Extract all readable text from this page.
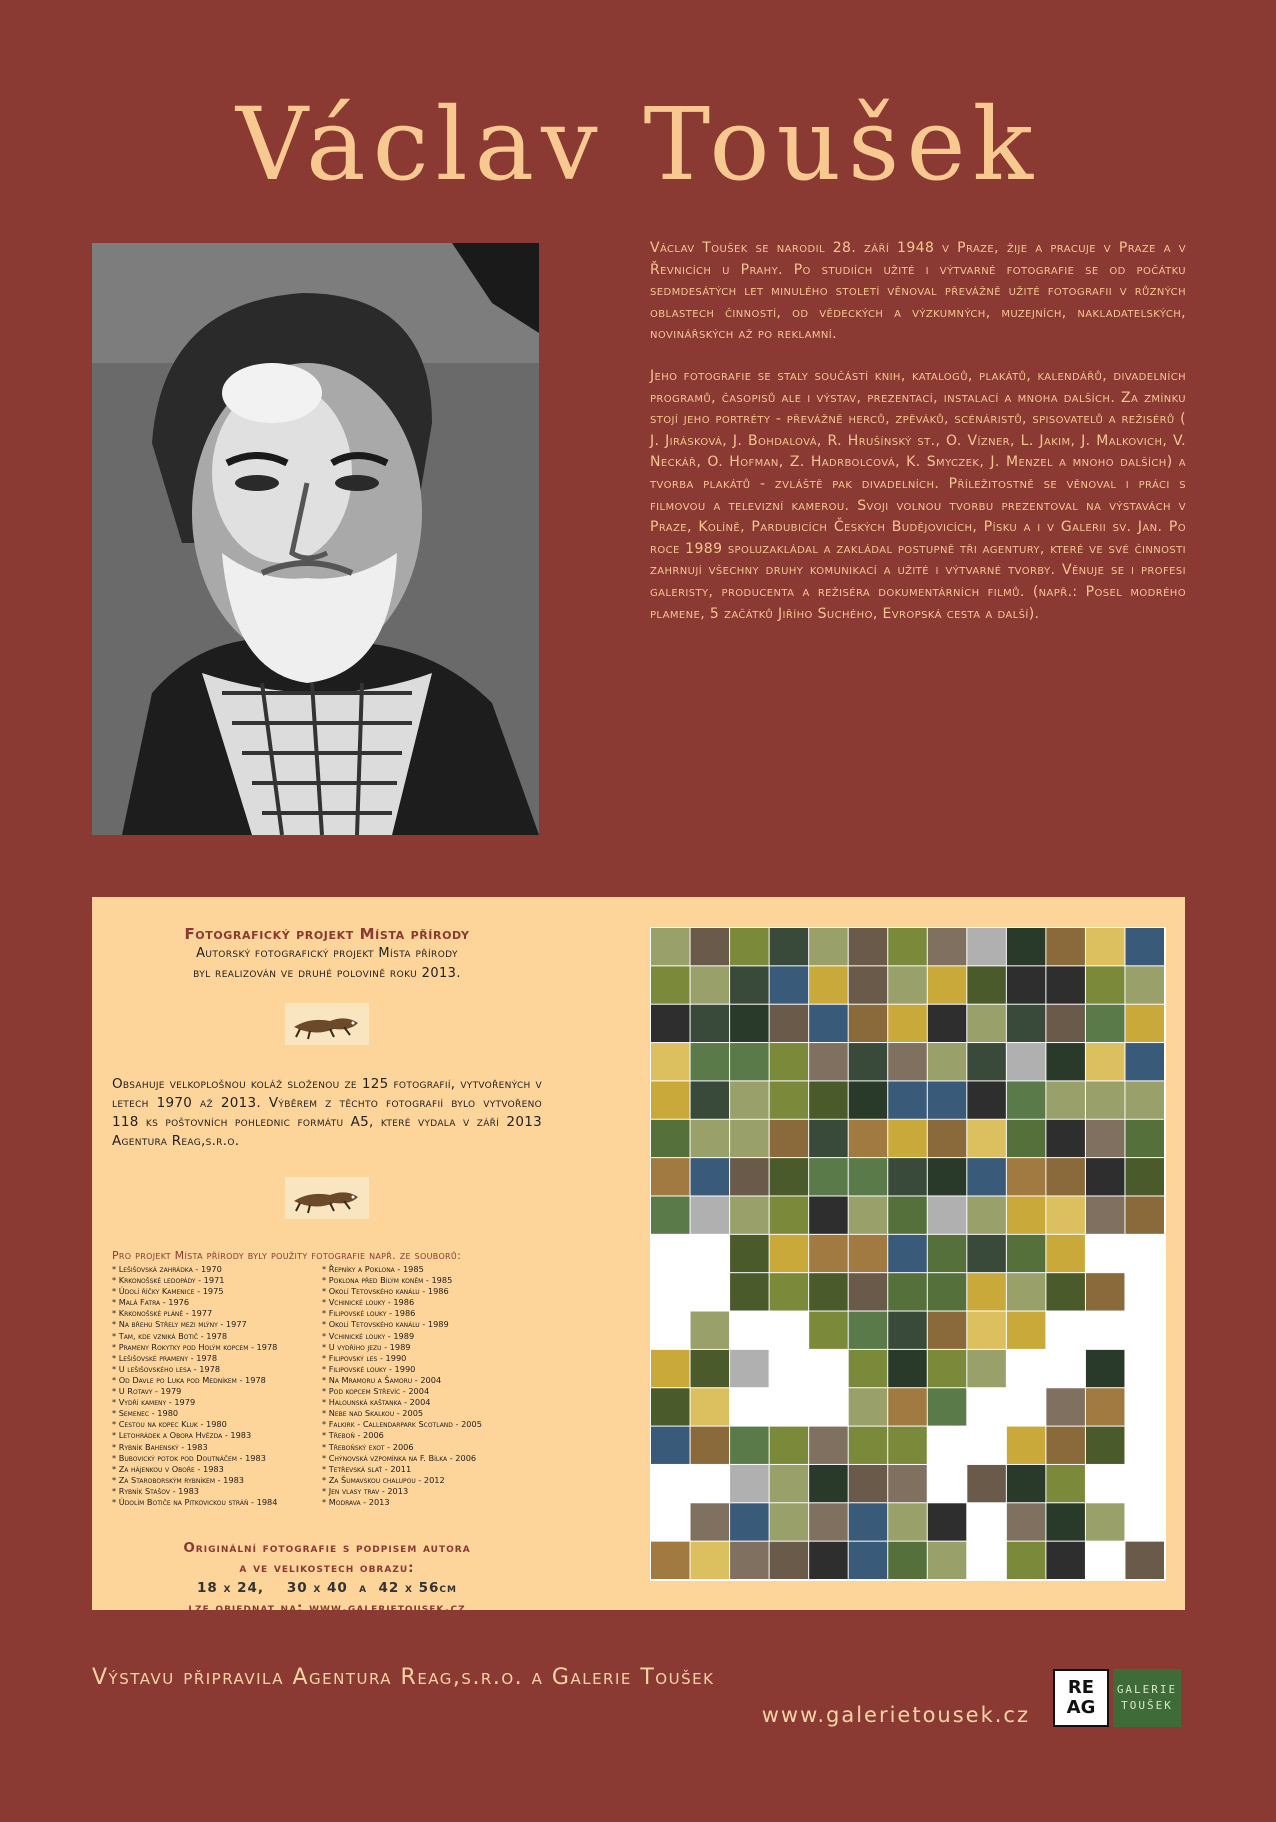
Václav Toušek

Václav Toušek se narodil 28. září 1948 v Praze, žije a pracuje v Praze a v Řevnicích u Prahy. Po studiích užité i výtvarné fotografie se od počátku sedmdesátých let minulého století věnoval převážně užité fotografii v různých oblastech činností, od vědeckých a výzkumných, muzejních, nakladatelských, novinářských až po reklamní.

Jeho fotografie se staly součástí knih, katalogů, plakátů, kalendářů, divadelních programů, časopisů ale i výstav, prezentací, instalací a mnoha dalších. Za zmínku stojí jeho portréty - převážně herců, zpěváků, scénáristů, spisovatelů a režisérů ( J. Jirásková, J. Bohdalová, R. Hrušínský st., O. Vízner, L. Jakim, J. Malkovich, V. Neckář, O. Hofman, Z. Hadrbolcová, K. Smyczek, J. Menzel a mnoho dalších) a tvorba plakátů - zvláště pak divadelních. Příležitostně se věnoval i práci s filmovou a televizní kamerou. Svoji volnou tvorbu prezentoval na výstavách v Praze, Kolíně, Pardubicích Českých Budějovicích, Písku a i v Galerii sv. Jan. Po roce 1989 spoluzakládal a zakládal postupně tři agentury, které ve své činnosti zahrnují všechny druhy komunikací a užité i výtvarné tvorby. Věnuje se i profesi galeristy, producenta a režiséra dokumentárních filmů. (např.: Posel modrého plamene, 5 začátků Jiřího Suchého, Evropská cesta a další).

Fotografický projekt Místa přírody
Autorský fotografický projekt Místa přírody
byl realizován ve druhé polovině roku 2013.
Obsahuje velkoplošnou koláž složenou ze 125 fotografií, vytvořených v letech 1970 až 2013. Výběrem z těchto fotografií bylo vytvořeno 118 ks poštovních pohlednic formátu A5, které vydala v září 2013 Agentura Reag,s.r.o.
Pro projekt Místa přírody byly použity fotografie např. ze souborů:
* Lešišovská zahrádka - 1970
* Krkonošské ledopády - 1971
* Údolí říčky Kamenice - 1975
* Malá Fatra - 1976
* Krkonošské pláně - 1977
* Na břehu Střely mezi mlýny - 1977
* Tam, kde vzniká Botič - 1978
* Prameny Rokytky pod Holým kopcem - 1978
* Lešišovské prameny - 1978
* U lešišovského lesa - 1978
* Od Davle po Luka pod Medníkem - 1978
* U Rotavy - 1979
* Vydří kameny - 1979
* Semenec - 1980
* Cestou na kopec Kluk - 1980
* Letohrádek a Obora Hvězda - 1983
* Rybník Bahenský - 1983
* Bubovický potok pod Doutnáčem - 1983
* Za hájenkou v Oboře - 1983
* Za Staroborským rybníkem - 1983
* Rybník Stašov - 1983
* Údolím Botiče na Pitkovickou stráň - 1984
* Řepníky a Poklona - 1985
* Poklona před Bílým koněm - 1985
* Okolí Tetovského kanálu - 1986
* Vchinické louky - 1986
* Filipovské louky - 1986
* Okolí Tetovského kanálu - 1989
* Vchinické louky - 1989
* U vydřího jezu - 1989
* Filipovský les - 1990
* Filipovské louky - 1990
* Na Mramoru a Šamoru - 2004
* Pod kopcem Střevíc - 2004
* Halounská kaštanka - 2004
* Nebe nad Skalkou - 2005
* Falkirk - Callendarpark Scotland - 2005
* Třeboň - 2006
* Třeboňský exot - 2006
* Chýnovská vzpomínka na F. Bílka - 2006
* Tetřevská slať - 2011
* Za Šumavskou chalupou - 2012
* Jen vlasy trav - 2013
* Modrava - 2013
Originální fotografie s podpisem autora
a ve velikostech obrazu:
18 x 24,    30 x 40  a  42 x 56cm
lze objednat na: www.galerietousek.cz
Výstavu připravila Agentura Reag,s.r.o. a Galerie Toušek
www.galerietousek.cz
RE
AG
GALERIE
TOUŠEK
